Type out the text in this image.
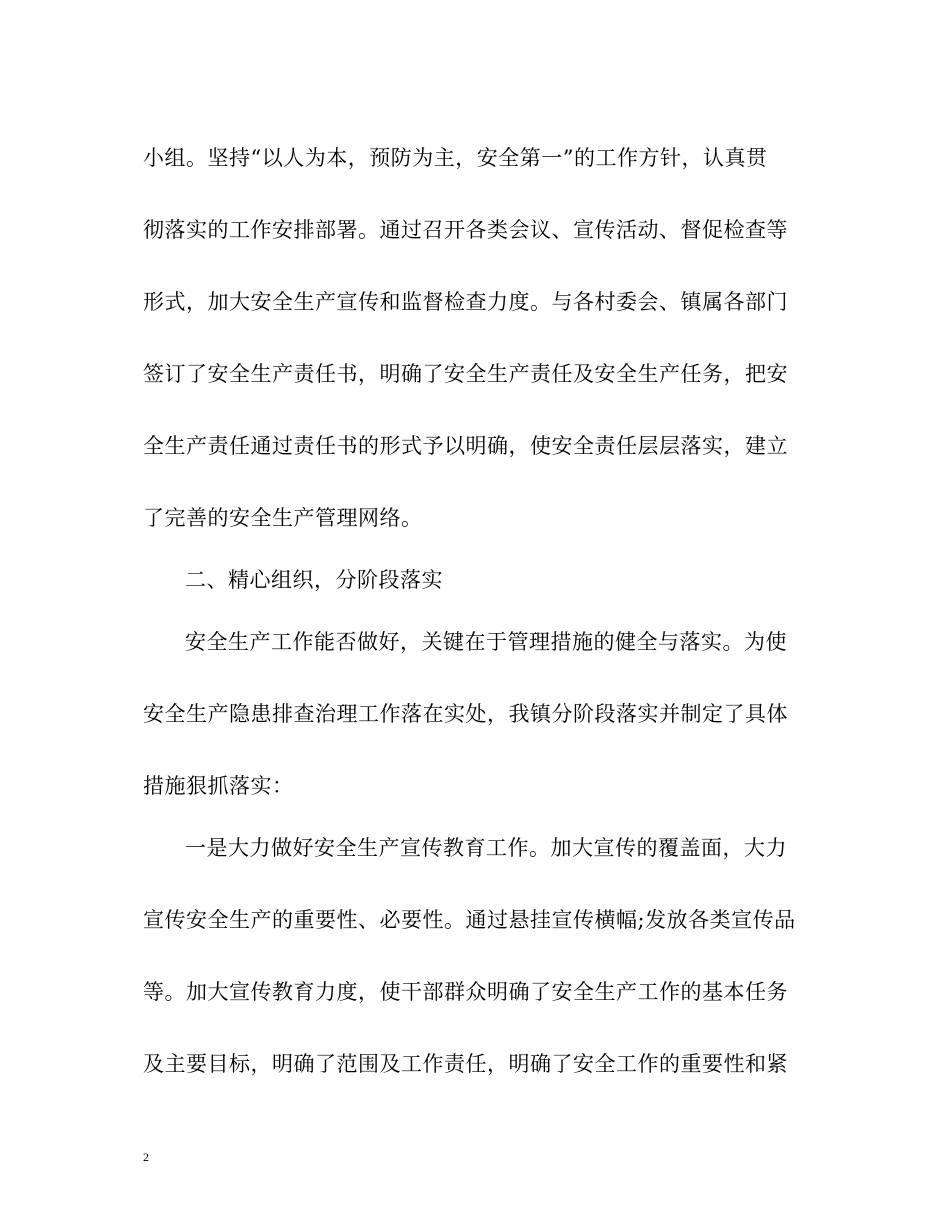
小组。坚持“以人为本，预防为主，安全第一”的工作方针，认真贯
彻落实的工作安排部署。通过召开各类会议、宣传活动、督促检查等
形式，加大安全生产宣传和监督检查力度。与各村委会、镇属各部门
签订了安全生产责任书，明确了安全生产责任及安全生产任务，把安
全生产责任通过责任书的形式予以明确，使安全责任层层落实，建立
了完善的安全生产管理网络。
二、精心组织，分阶段落实
安全生产工作能否做好，关键在于管理措施的健全与落实。为使
安全生产隐患排查治理工作落在实处，我镇分阶段落实并制定了具体
措施狠抓落实：
一是大力做好安全生产宣传教育工作。加大宣传的覆盖面，大力
宣传安全生产的重要性、必要性。通过悬挂宣传横幅;发放各类宣传品
等。加大宣传教育力度，使干部群众明确了安全生产工作的基本任务
及主要目标，明确了范围及工作责任，明确了安全工作的重要性和紧
2
